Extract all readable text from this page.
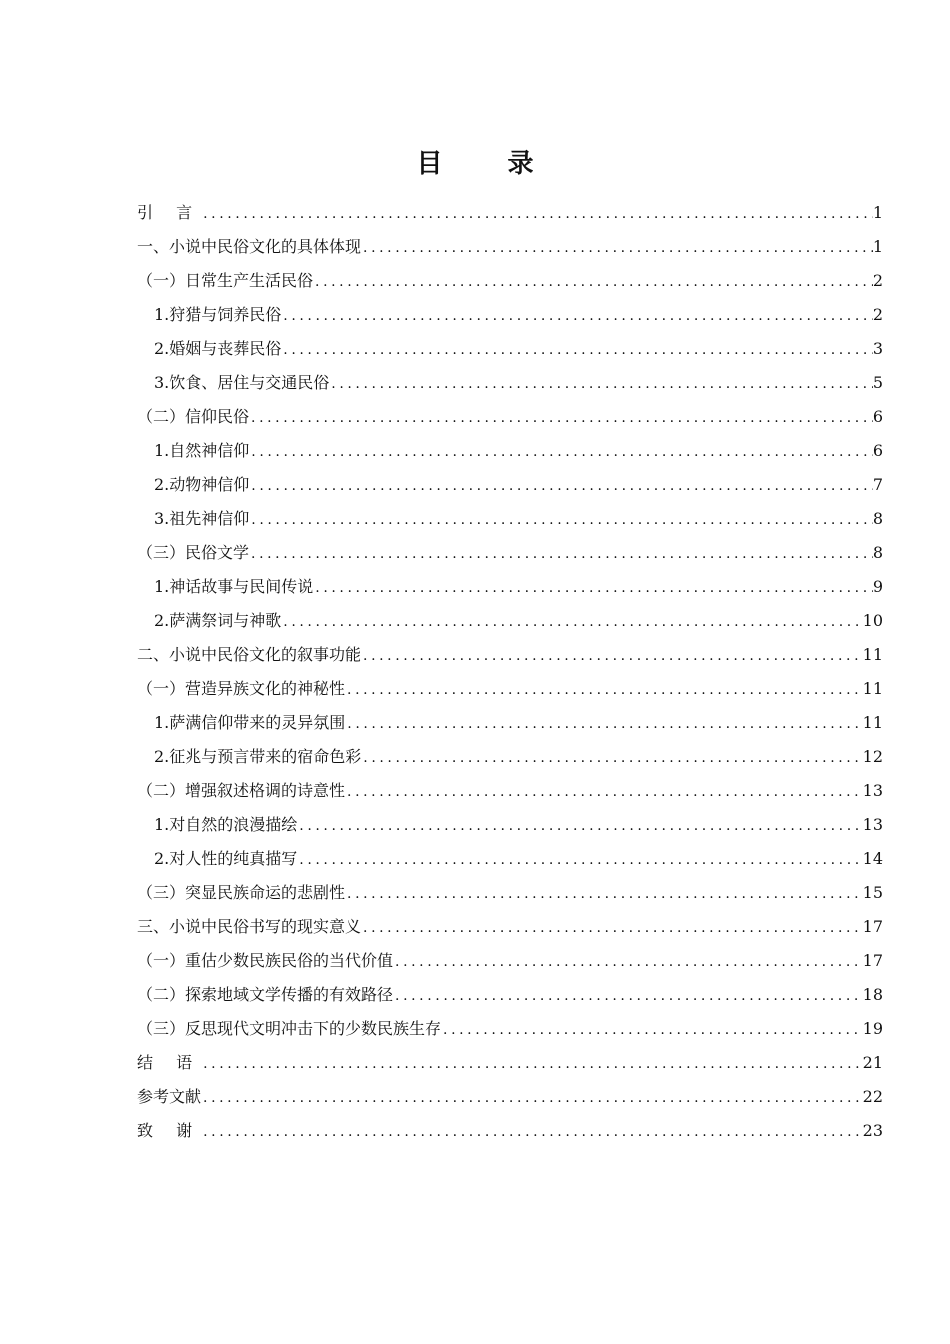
目 录
引 言 .....	1
一、小说中民俗文化的具体体现 .....	1
（一）日常生产生活民俗 .....	2
1.狩猎与饲养民俗 .....	2
2.婚姻与丧葬民俗 .....	3
3.饮食、居住与交通民俗 .....	5
（二）信仰民俗 .....	6
1.自然神信仰 .....	6
2.动物神信仰 .....	7
3.祖先神信仰 .....	8
（三）民俗文学 .....	8
1.神话故事与民间传说 .....	9
2.萨满祭词与神歌 .....	10
二、小说中民俗文化的叙事功能 .....	11
（一）营造异族文化的神秘性 .....	11
1.萨满信仰带来的灵异氛围 .....	11
2.征兆与预言带来的宿命色彩 .....	12
（二）增强叙述格调的诗意性 .....	13
1.对自然的浪漫描绘 .....	13
2.对人性的纯真描写 .....	14
（三）突显民族命运的悲剧性 .....	15
三、小说中民俗书写的现实意义 .....	17
（一）重估少数民族民俗的当代价值 .....	17
（二）探索地域文学传播的有效路径 .....	18
（三）反思现代文明冲击下的少数民族生存 .....	19
结 语 .....	21
参考文献 .....	22
致 谢 .....	23
